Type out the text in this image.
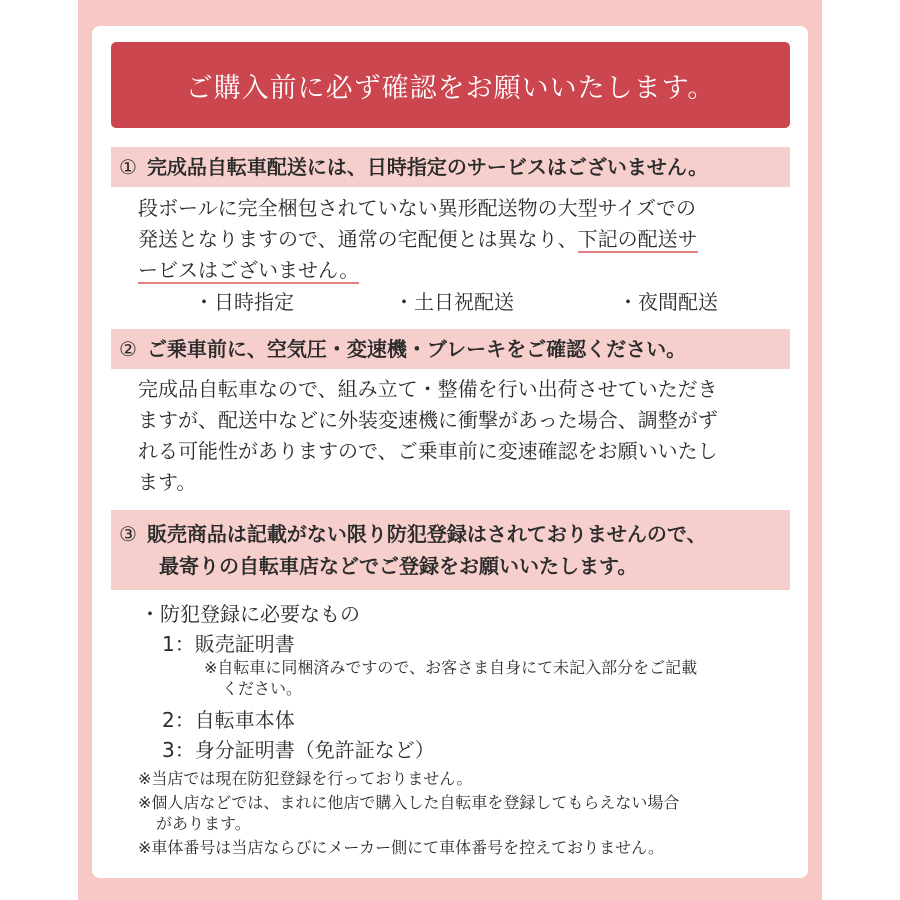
ご購入前に必ず確認をお願いいたします。
① 完成品自転車配送には、日時指定のサービスはございません。
段ボールに完全梱包されていない異形配送物の大型サイズでの
発送となりますので、通常の宅配便とは異なり、下記の配送サ
ービスはございません。
・日時指定	・土日祝配送	・夜間配送
② ご乗車前に、空気圧・変速機・ブレーキをご確認ください。
完成品自転車なので、組み立て・整備を行い出荷させていただき
ますが、配送中などに外装変速機に衝撃があった場合、調整がず
れる可能性がありますので、ご乗車前に変速確認をお願いいたし
ます。
③ 販売商品は記載がない限り防犯登録はされておりませんので、
最寄りの自転車店などでご登録をお願いいたします。
・防犯登録に必要なもの
1：販売証明書
※自転車に同梱済みですので、お客さま自身にて未記入部分をご記載
ください。
2：自転車本体
3：身分証明書（免許証など）
※当店では現在防犯登録を行っておりません。
※個人店などでは、まれに他店で購入した自転車を登録してもらえない場合
があります。
※車体番号は当店ならびにメーカー側にて車体番号を控えておりません。
